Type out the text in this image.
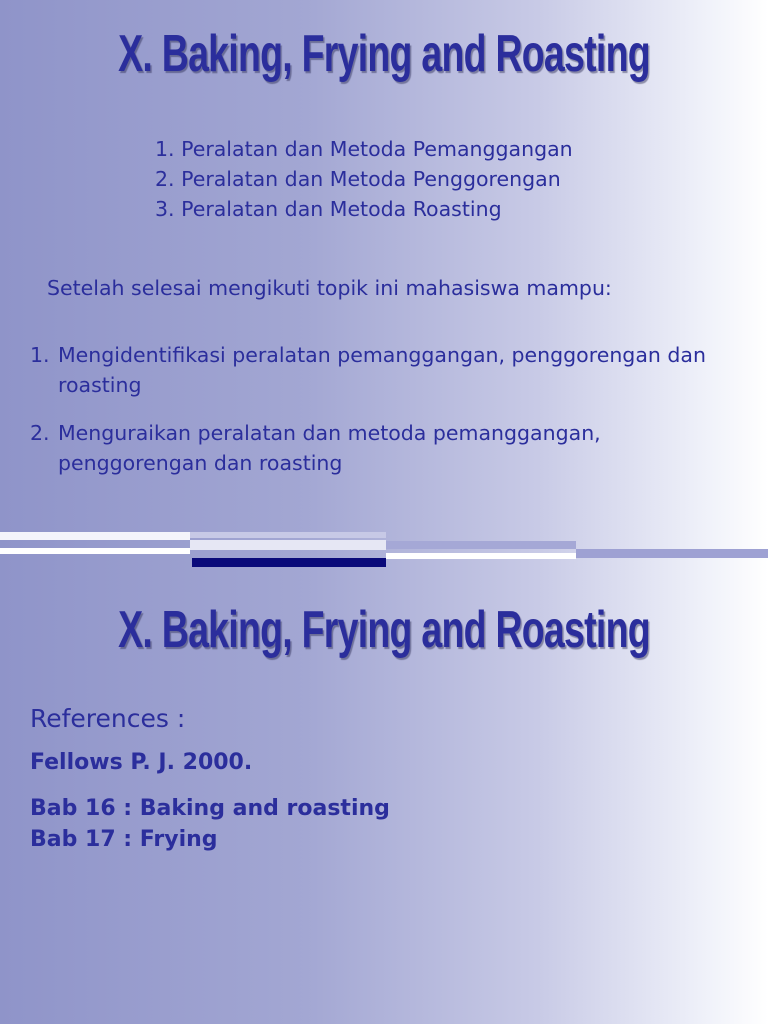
X. Baking, Frying and Roasting
1. Peralatan dan Metoda Pemanggangan
2. Peralatan dan Metoda Penggorengan
3. Peralatan dan Metoda Roasting

Setelah selesai mengikuti topik ini mahasiswa mampu:

1. Mengidentifikasi peralatan pemanggangan, penggorengan dan roasting
2. Menguraikan peralatan dan metoda pemanggangan, penggorengan dan roasting
X. Baking, Frying and Roasting

References :

Fellows P. J. 2000.

Bab 16 : Baking and roasting

Bab 17 : Frying
